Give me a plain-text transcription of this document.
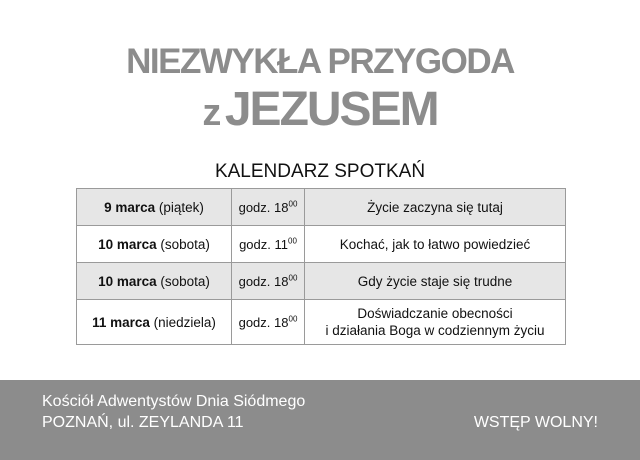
NIEZWYKŁA PRZYGODA
z JEZUSEM
KALENDARZ SPOTKAŃ
9 marca (piątek)	godz. $18^{00}$	Życie zaczyna się tutaj

10 marca (sobota)	godz. $11^{00}$	Kochać, jak to łatwo powiedzieć

10 marca (sobota)	godz. $18^{00}$	Gdy życie staje się trudne

11 marca (niedziela)	godz. $18^{00}$	Doświadczanie obecności
i działania Boga w codziennym życiu
Kościół Adwentystów Dnia Siódmego
POZNAŃ, ul. ZEYLANDA 11	WSTĘP WOLNY!
